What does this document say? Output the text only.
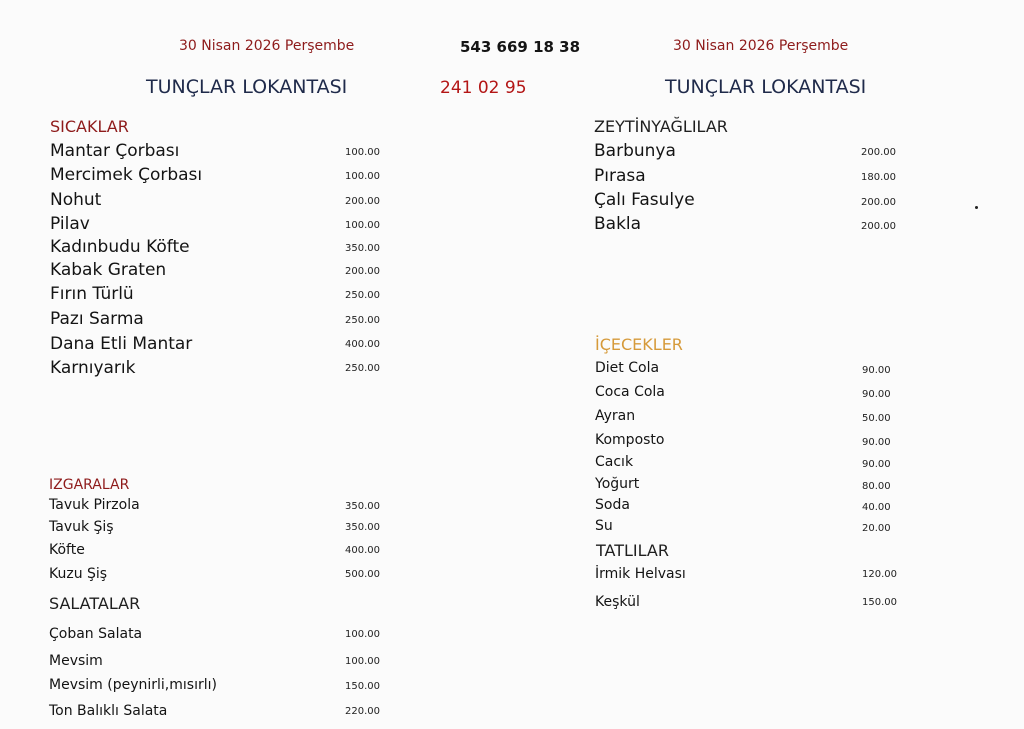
30 Nisan 2026 Perşembe	543 669 18 38	30 Nisan 2026 Perşembe
TUNÇLAR LOKANTASI	241 02 95	TUNÇLAR LOKANTASI
SICAKLAR
Mantar Çorbası	100.00
Mercimek Çorbası	100.00
Nohut	200.00
Pilav	100.00
Kadınbudu Köfte	350.00
Kabak Graten	200.00
Fırın Türlü	250.00
Pazı Sarma	250.00
Dana Etli Mantar	400.00
Karnıyarık	250.00
IZGARALAR
Tavuk Pirzola	350.00
Tavuk Şiş	350.00
Köfte	400.00
Kuzu Şiş	500.00
SALATALAR
Çoban Salata	100.00
Mevsim	100.00
Mevsim (peynirli,mısırlı)	150.00
Ton Balıklı Salata	220.00
ZEYTİNYAĞLILAR
Barbunya	200.00
Pırasa	180.00
Çalı Fasulye	200.00
Bakla	200.00
İÇECEKLER
Diet Cola	90.00
Coca Cola	90.00
Ayran	50.00
Komposto	90.00
Cacık	90.00
Yoğurt	80.00
Soda	40.00
Su	20.00
TATLILAR
İrmik Helvası	120.00
Keşkül	150.00
